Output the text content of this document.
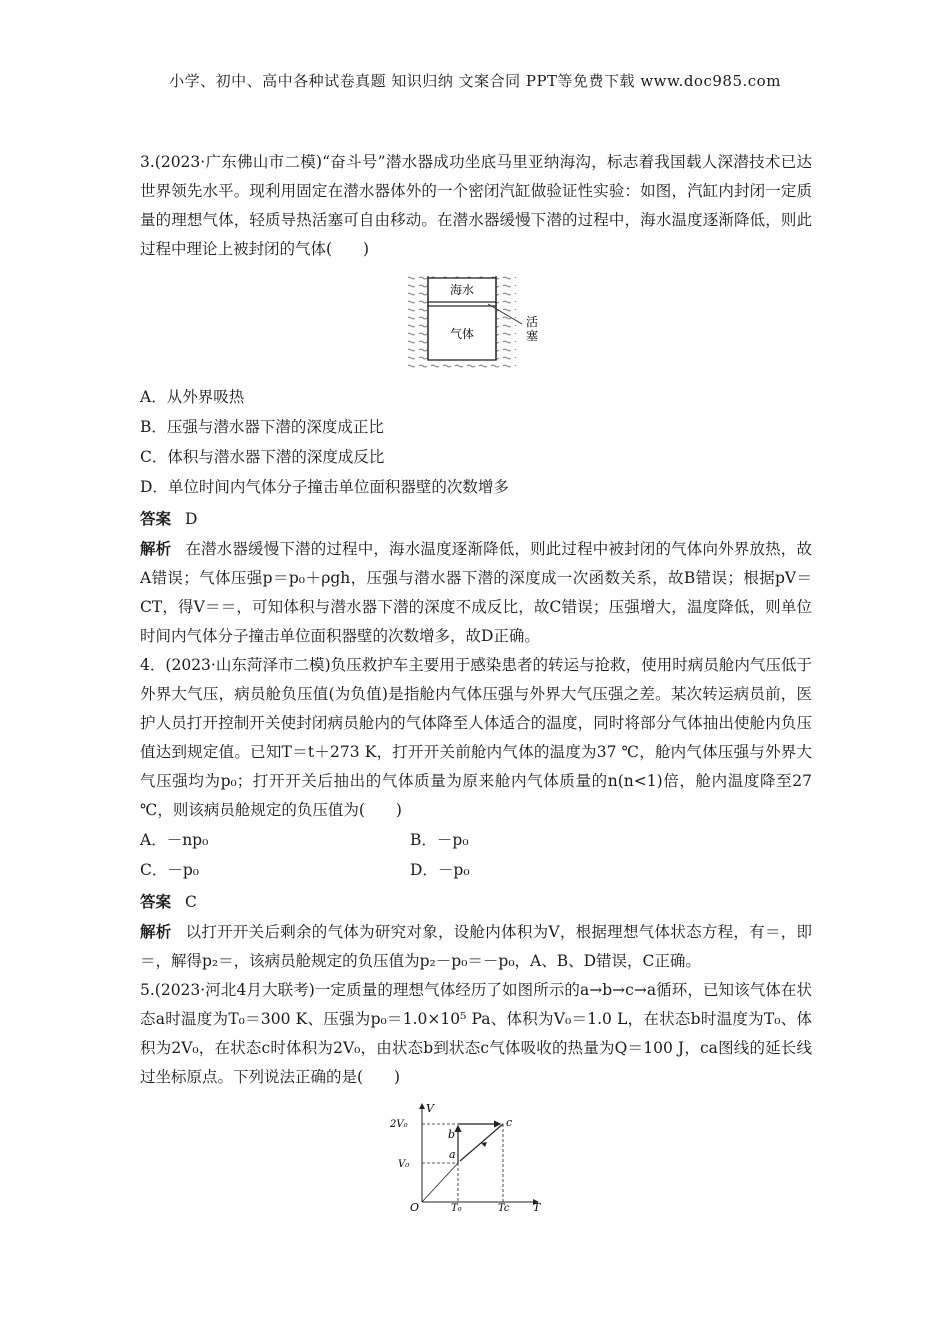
小学、初中、高中各种试卷真题 知识归纳 文案合同 PPT等免费下载 www.doc985.com

3.(2023·广东佛山市二模)“奋斗号”潜水器成功坐底马里亚纳海沟，标志着我国载人深潜技术已达世界领先水平。现利用固定在潜水器体外的一个密闭汽缸做验证性实验：如图，汽缸内封闭一定质量的理想气体，轻质导热活塞可自由移动。在潜水器缓慢下潜的过程中，海水温度逐渐降低，则此过程中理论上被封闭的气体(　　)

海水
气体
活
塞
A．从外界吸热
B．压强与潜水器下潜的深度成正比
C．体积与潜水器下潜的深度成反比
D．单位时间内气体分子撞击单位面积器壁的次数增多

答案 D

解析 在潜水器缓慢下潜的过程中，海水温度逐渐降低，则此过程中被封闭的气体向外界放热，故A错误；气体压强p＝p₀＋ρgh，压强与潜水器下潜的深度成一次函数关系，故B错误；根据pV＝CT，得V＝＝，可知体积与潜水器下潜的深度不成反比，故C错误；压强增大，温度降低，则单位时间内气体分子撞击单位面积器壁的次数增多，故D正确。

4．(2023·山东菏泽市二模)负压救护车主要用于感染患者的转运与抢救，使用时病员舱内气压低于外界大气压，病员舱负压值(为负值)是指舱内气体压强与外界大气压强之差。某次转运病员前，医护人员打开控制开关使封闭病员舱内的气体降至人体适合的温度，同时将部分气体抽出使舱内负压值达到规定值。已知T＝t＋273 K，打开开关前舱内气体的温度为37 ℃，舱内气体压强与外界大气压强均为p₀；打开开关后抽出的气体质量为原来舱内气体质量的n(n<1)倍，舱内温度降至27 ℃，则该病员舱规定的负压值为(　　)

A．－np₀	B．－p₀
C．－p₀	D．－p₀

答案 C

解析 以打开开关后剩余的气体为研究对象，设舱内体积为V，根据理想气体状态方程，有＝，即＝，解得p₂＝，该病员舱规定的负压值为p₂－p₀＝－p₀，A、B、D错误，C正确。

5.(2023·河北4月大联考)一定质量的理想气体经历了如图所示的a→b→c→a循环，已知该气体在状态a时温度为T₀＝300 K、压强为p₀＝1.0×10⁵ Pa、体积为V₀＝1.0 L，在状态b时温度为T₀、体积为2V₀，在状态c时体积为2V₀，由状态b到状态c气体吸收的热量为Q＝100 J，ca图线的延长线过坐标原点。下列说法正确的是(　　)

V
T
O
2V₀
V₀
T₀	Tc
b
a
c
